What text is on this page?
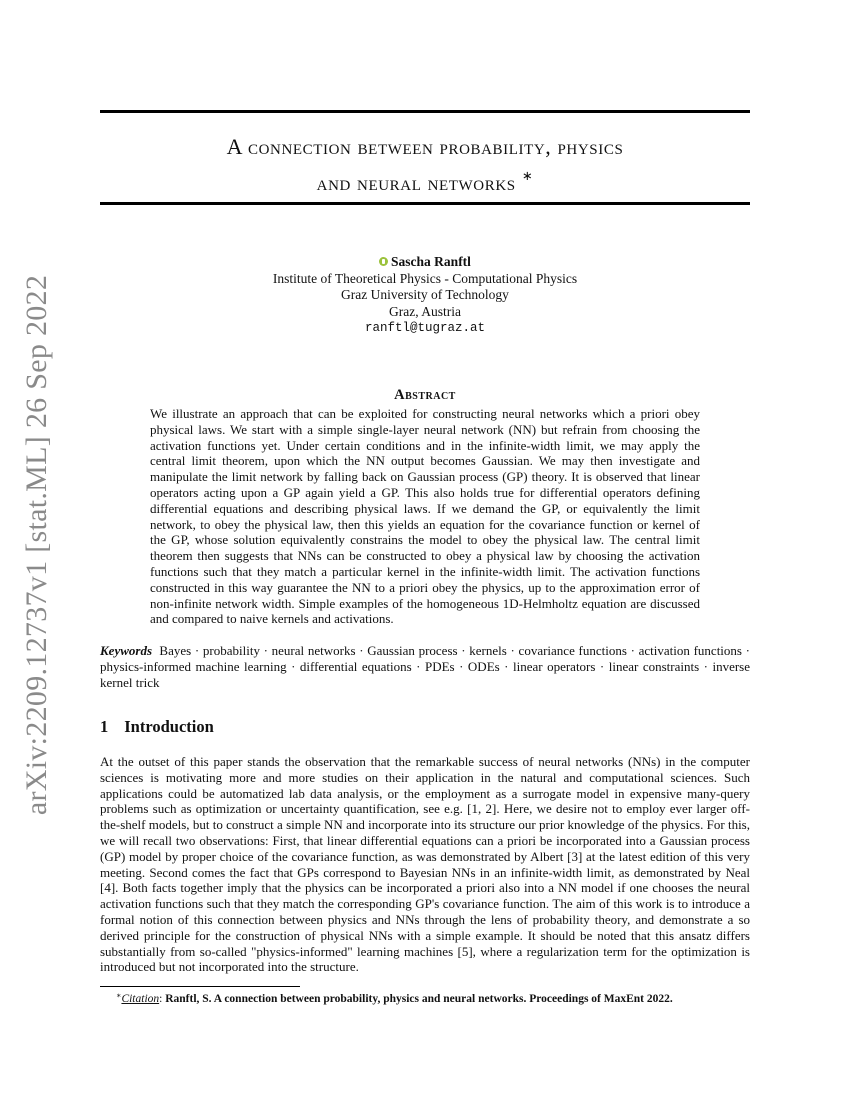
arXiv:2209.12737v1 [stat.ML] 26 Sep 2022
A connection between probability, physics
and neural networks ∗
Sascha Ranftl
Institute of Theoretical Physics - Computational Physics
Graz University of Technology
Graz, Austria
ranftl@tugraz.at
Abstract
We illustrate an approach that can be exploited for constructing neural networks which a priori obey physical laws. We start with a simple single-layer neural network (NN) but refrain from choosing the activation functions yet. Under certain conditions and in the infinite-width limit, we may apply the central limit theorem, upon which the NN output becomes Gaussian. We may then investigate and manipulate the limit network by falling back on Gaussian process (GP) theory. It is observed that linear operators acting upon a GP again yield a GP. This also holds true for differential operators defining differential equations and describing physical laws. If we demand the GP, or equivalently the limit network, to obey the physical law, then this yields an equation for the covariance function or kernel of the GP, whose solution equivalently constrains the model to obey the physical law. The central limit theorem then suggests that NNs can be constructed to obey a physical law by choosing the activation functions such that they match a particular kernel in the infinite-width limit. The activation functions constructed in this way guarantee the NN to a priori obey the physics, up to the approximation error of non-infinite network width. Simple examples of the homogeneous 1D-Helmholtz equation are discussed and compared to naive kernels and activations.
Keywords Bayes · probability · neural networks · Gaussian process · kernels · covariance functions · activation functions · physics-informed machine learning · differential equations · PDEs · ODEs · linear operators · linear constraints · inverse kernel trick
1 Introduction
At the outset of this paper stands the observation that the remarkable success of neural networks (NNs) in the computer sciences is motivating more and more studies on their application in the natural and computational sciences. Such applications could be automatized lab data analysis, or the employment as a surrogate model in expensive many-query problems such as optimization or uncertainty quantification, see e.g. [1, 2]. Here, we desire not to employ ever larger off-the-shelf models, but to construct a simple NN and incorporate into its structure our prior knowledge of the physics. For this, we will recall two observations: First, that linear differential equations can a priori be incorporated into a Gaussian process (GP) model by proper choice of the covariance function, as was demonstrated by Albert [3] at the latest edition of this very meeting. Second comes the fact that GPs correspond to Bayesian NNs in an infinite-width limit, as demonstrated by Neal [4]. Both facts together imply that the physics can be incorporated a priori also into a NN model if one chooses the neural activation functions such that they match the corresponding GP's covariance function. The aim of this work is to introduce a formal notion of this connection between physics and NNs through the lens of probability theory, and demonstrate a so derived principle for the construction of physical NNs with a simple example. It should be noted that this ansatz differs substantially from so-called "physics-informed" learning machines [5], where a regularization term for the optimization is introduced but not incorporated into the structure.
∗Citation: Ranftl, S. A connection between probability, physics and neural networks. Proceedings of MaxEnt 2022.
